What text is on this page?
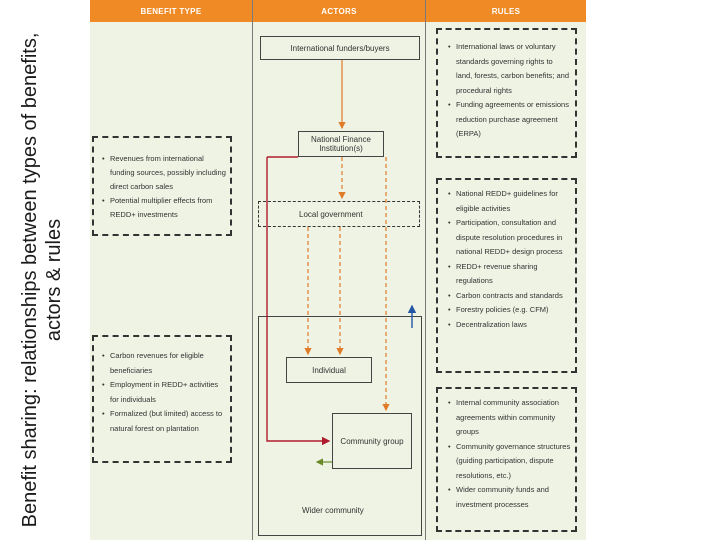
Benefit sharing: relationships between types of benefits, actors & rules
BENEFIT TYPE	ACTORS	RULES
• Revenues from international funding sources, possibly including direct carbon sales
• Potential multiplier effects from REDD+ investments
• Carbon revenues for eligible beneficiaries
• Employment in REDD+ activities for individuals
• Formalized (but limited) access to natural forest on plantation
International funders/buyers
National Finance Institution(s)
Local government
Wider community
Individual
Community group
• International laws or voluntary standards governing rights to land, forests, carbon benefits; and procedural rights
• Funding agreements or emissions reduction purchase agreement (ERPA)
• National REDD+ guidelines for eligible activities
• Participation, consultation and dispute resolution procedures in national REDD+ design process
• REDD+ revenue sharing regulations
• Carbon contracts and standards
• Forestry policies (e.g. CFM)
• Decentralization laws
• Internal community association agreements within community groups
• Community governance structures (guiding participation, dispute resolutions, etc.)
• Wider community funds and investment processes
